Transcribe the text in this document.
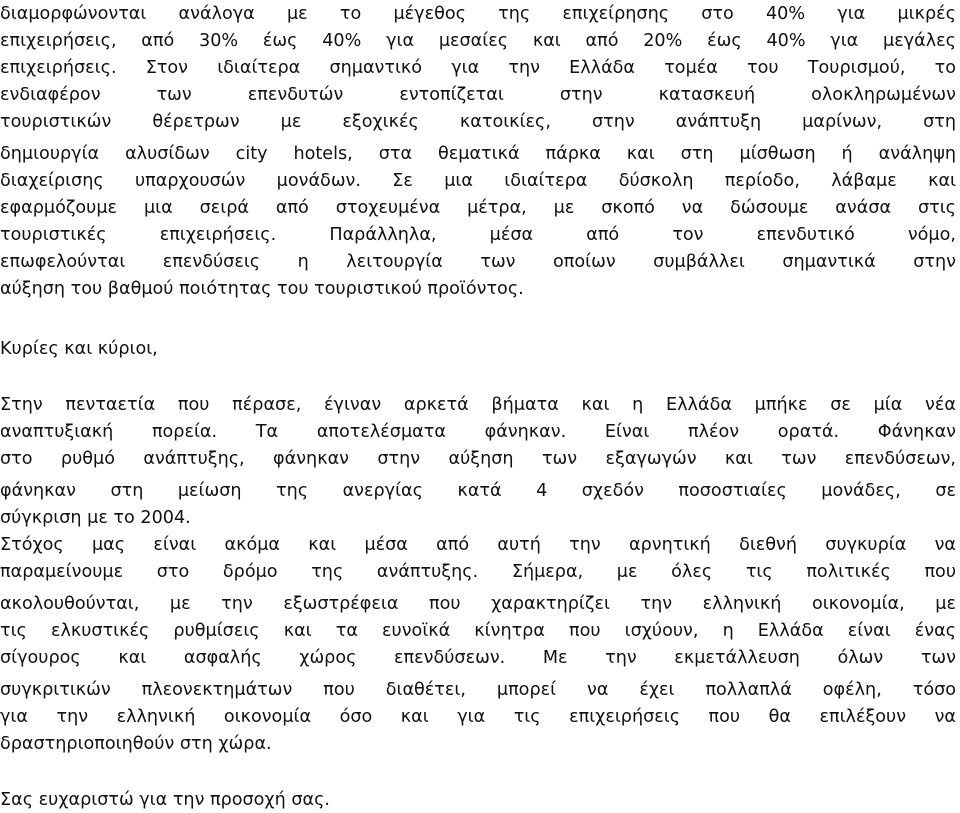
διαμορφώνονται ανάλογα με το μέγεθος της επιχείρησης στο 40% για μικρές

επιχειρήσεις, από 30% έως 40% για μεσαίες και από 20% έως 40% για μεγάλες

επιχειρήσεις. Στον ιδιαίτερα σημαντικό για την Ελλάδα τομέα του Τουρισμού, το

ενδιαφέρον των επενδυτών εντοπίζεται στην κατασκευή ολοκληρωμένων

τουριστικών θέρετρων με εξοχικές κατοικίες, στην ανάπτυξη μαρίνων, στη

δημιουργία αλυσίδων city hotels, στα θεματικά πάρκα και στη μίσθωση ή ανάληψη

διαχείρισης υπαρχουσών μονάδων. Σε μια ιδιαίτερα δύσκολη περίοδο, λάβαμε και

εφαρμόζουμε μια σειρά από στοχευμένα μέτρα, με σκοπό να δώσουμε ανάσα στις

τουριστικές επιχειρήσεις. Παράλληλα, μέσα από τον επενδυτικό νόμο,

επωφελούνται επενδύσεις η λειτουργία των οποίων συμβάλλει σημαντικά στην

αύξηση του βαθμού ποιότητας του τουριστικού προϊόντος.

Κυρίες και κύριοι,

Στην πενταετία που πέρασε, έγιναν αρκετά βήματα και η Ελλάδα μπήκε σε μία νέα

αναπτυξιακή πορεία. Τα αποτελέσματα φάνηκαν. Είναι πλέον ορατά. Φάνηκαν

στο ρυθμό ανάπτυξης, φάνηκαν στην αύξηση των εξαγωγών και των επενδύσεων,

φάνηκαν στη μείωση της ανεργίας κατά 4 σχεδόν ποσοστιαίες μονάδες, σε

σύγκριση με το 2004.

Στόχος μας είναι ακόμα και μέσα από αυτή την αρνητική διεθνή συγκυρία να

παραμείνουμε στο δρόμο της ανάπτυξης. Σήμερα, με όλες τις πολιτικές που

ακολουθούνται, με την εξωστρέφεια που χαρακτηρίζει την ελληνική οικονομία, με

τις ελκυστικές ρυθμίσεις και τα ευνοϊκά κίνητρα που ισχύουν, η Ελλάδα είναι ένας

σίγουρος και ασφαλής χώρος επενδύσεων. Με την εκμετάλλευση όλων των

συγκριτικών πλεονεκτημάτων που διαθέτει, μπορεί να έχει πολλαπλά οφέλη, τόσο

για την ελληνική οικονομία όσο και για τις επιχειρήσεις που θα επιλέξουν να

δραστηριοποιηθούν στη χώρα.

Σας ευχαριστώ για την προσοχή σας.
